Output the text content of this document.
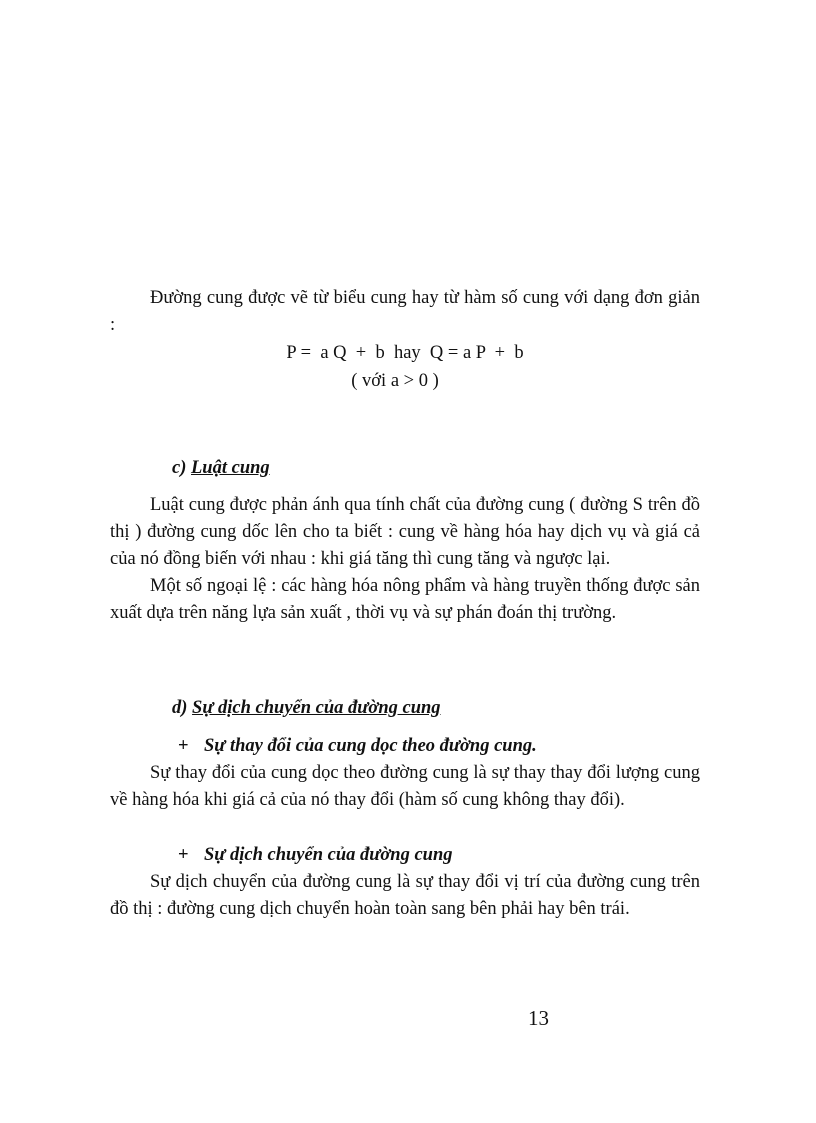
Đường cung được vẽ từ biểu cung hay từ hàm số cung với dạng đơn giản :

P =  a Q  +  b  hay  Q = a P  +  b

( với a > 0 )

c) Luật cung

Luật cung được phản ánh qua tính chất của đường cung ( đường S trên đồ thị ) đường cung dốc lên cho ta biết : cung về hàng hóa hay dịch vụ và giá cả của nó đồng biến với nhau : khi giá tăng thì cung tăng và ngược lại.

Một số ngoại lệ : các hàng hóa nông phẩm và hàng truyền thống được sản xuất dựa trên năng lựa sản xuất , thời vụ và sự phán đoán thị trường.

d) Sự dịch chuyển của đường cung

+ Sự thay đổi của cung dọc theo đường cung.

Sự thay đổi của cung dọc theo đường cung là sự thay thay đổi lượng cung về hàng hóa khi giá cả của nó thay đổi (hàm số cung không thay đổi).

+ Sự dịch chuyển của đường cung

Sự dịch chuyển của đường cung là sự thay đổi vị trí của đường cung trên đồ thị : đường cung dịch chuyển hoàn toàn sang bên phải hay bên trái.

13
